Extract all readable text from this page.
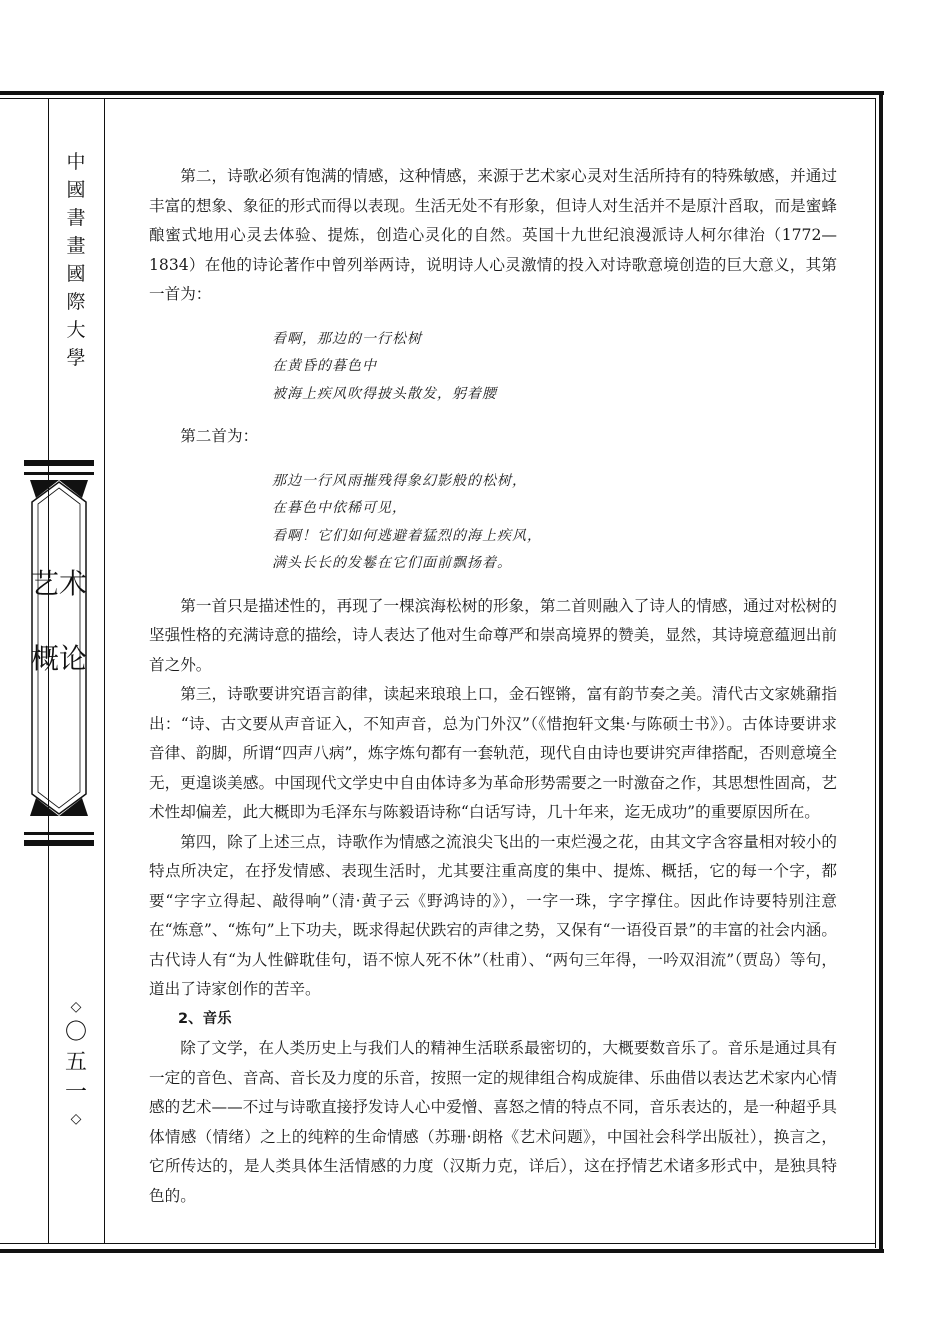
中國書畫國際大學
艺术概论
◇
〇五一
◇

第二，诗歌必须有饱满的情感，这种情感，来源于艺术家心灵对生活所持有的特殊敏感，并通过丰富的想象、象征的形式而得以表现。生活无处不有形象，但诗人对生活并不是原汁舀取，而是蜜蜂酿蜜式地用心灵去体验、提炼，创造心灵化的自然。英国十九世纪浪漫派诗人柯尔律治（1772—1834）在他的诗论著作中曾列举两诗，说明诗人心灵激情的投入对诗歌意境创造的巨大意义，其第一首为：

看啊，那边的一行松树
在黄昏的暮色中
被海上疾风吹得披头散发，躬着腰

第二首为：

那边一行风雨摧残得象幻影般的松树，
在暮色中依稀可见，
看啊！它们如何逃避着猛烈的海上疾风，
满头长长的发鬈在它们面前飘扬着。

第一首只是描述性的，再现了一棵滨海松树的形象，第二首则融入了诗人的情感，通过对松树的坚强性格的充满诗意的描绘，诗人表达了他对生命尊严和崇高境界的赞美，显然，其诗境意蕴迥出前首之外。

第三，诗歌要讲究语言韵律，读起来琅琅上口，金石铿锵，富有韵节奏之美。清代古文家姚鼐指出：“诗、古文要从声音证入，不知声音，总为门外汉”（《惜抱轩文集·与陈硕士书》）。古体诗要讲求音律、韵脚，所谓“四声八病”，炼字炼句都有一套轨范，现代自由诗也要讲究声律搭配，否则意境全无，更遑谈美感。中国现代文学史中自由体诗多为革命形势需要之一时激奋之作，其思想性固高，艺术性却偏差，此大概即为毛泽东与陈毅语诗称“白话写诗，几十年来，迄无成功”的重要原因所在。

第四，除了上述三点，诗歌作为情感之流浪尖飞出的一束烂漫之花，由其文字含容量相对较小的特点所决定，在抒发情感、表现生活时，尤其要注重高度的集中、提炼、概括，它的每一个字，都要“字字立得起、敲得响”（清·黄子云《野鸿诗的》），一字一珠，字字撑住。因此作诗要特别注意在“炼意”、“炼句”上下功夫，既求得起伏跌宕的声律之势，又保有“一语役百景”的丰富的社会内涵。古代诗人有“为人性僻耽佳句，语不惊人死不休”（杜甫）、“两句三年得，一吟双泪流”（贾岛）等句，道出了诗家创作的苦辛。

2、音乐

除了文学，在人类历史上与我们人的精神生活联系最密切的，大概要数音乐了。音乐是通过具有一定的音色、音高、音长及力度的乐音，按照一定的规律组合构成旋律、乐曲借以表达艺术家内心情感的艺术——不过与诗歌直接抒发诗人心中爱憎、喜怒之情的特点不同，音乐表达的，是一种超乎具体情感（情绪）之上的纯粹的生命情感（苏珊·朗格《艺术问题》，中国社会科学出版社），换言之，它所传达的，是人类具体生活情感的力度（汉斯力克，详后），这在抒情艺术诸多形式中，是独具特色的。
